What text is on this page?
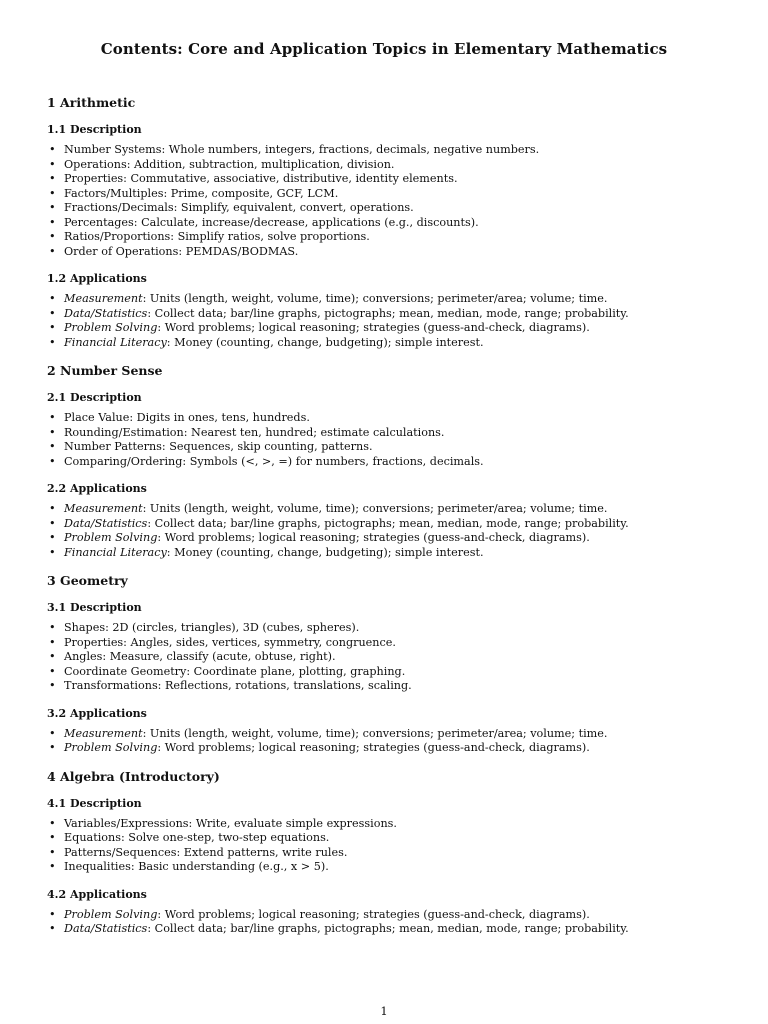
Contents: Core and Application Topics in Elementary Mathematics
1 Arithmetic
1.1 Description
• Number Systems: Whole numbers, integers, fractions, decimals, negative numbers.
• Operations: Addition, subtraction, multiplication, division.
• Properties: Commutative, associative, distributive, identity elements.
• Factors/Multiples: Prime, composite, GCF, LCM.
• Fractions/Decimals: Simplify, equivalent, convert, operations.
• Percentages: Calculate, increase/decrease, applications (e.g., discounts).
• Ratios/Proportions: Simplify ratios, solve proportions.
• Order of Operations: PEMDAS/BODMAS.
1.2 Applications
• Measurement: Units (length, weight, volume, time); conversions; perimeter/area; volume; time.
• Data/Statistics: Collect data; bar/line graphs, pictographs; mean, median, mode, range; probability.
• Problem Solving: Word problems; logical reasoning; strategies (guess-and-check, diagrams).
• Financial Literacy: Money (counting, change, budgeting); simple interest.
2 Number Sense
2.1 Description
• Place Value: Digits in ones, tens, hundreds.
• Rounding/Estimation: Nearest ten, hundred; estimate calculations.
• Number Patterns: Sequences, skip counting, patterns.
• Comparing/Ordering: Symbols (<, >, =) for numbers, fractions, decimals.
2.2 Applications
• Measurement: Units (length, weight, volume, time); conversions; perimeter/area; volume; time.
• Data/Statistics: Collect data; bar/line graphs, pictographs; mean, median, mode, range; probability.
• Problem Solving: Word problems; logical reasoning; strategies (guess-and-check, diagrams).
• Financial Literacy: Money (counting, change, budgeting); simple interest.
3 Geometry
3.1 Description
• Shapes: 2D (circles, triangles), 3D (cubes, spheres).
• Properties: Angles, sides, vertices, symmetry, congruence.
• Angles: Measure, classify (acute, obtuse, right).
• Coordinate Geometry: Coordinate plane, plotting, graphing.
• Transformations: Reflections, rotations, translations, scaling.
3.2 Applications
• Measurement: Units (length, weight, volume, time); conversions; perimeter/area; volume; time.
• Problem Solving: Word problems; logical reasoning; strategies (guess-and-check, diagrams).
4 Algebra (Introductory)
4.1 Description
• Variables/Expressions: Write, evaluate simple expressions.
• Equations: Solve one-step, two-step equations.
• Patterns/Sequences: Extend patterns, write rules.
• Inequalities: Basic understanding (e.g., x > 5).
4.2 Applications
• Problem Solving: Word problems; logical reasoning; strategies (guess-and-check, diagrams).
• Data/Statistics: Collect data; bar/line graphs, pictographs; mean, median, mode, range; probability.
1
